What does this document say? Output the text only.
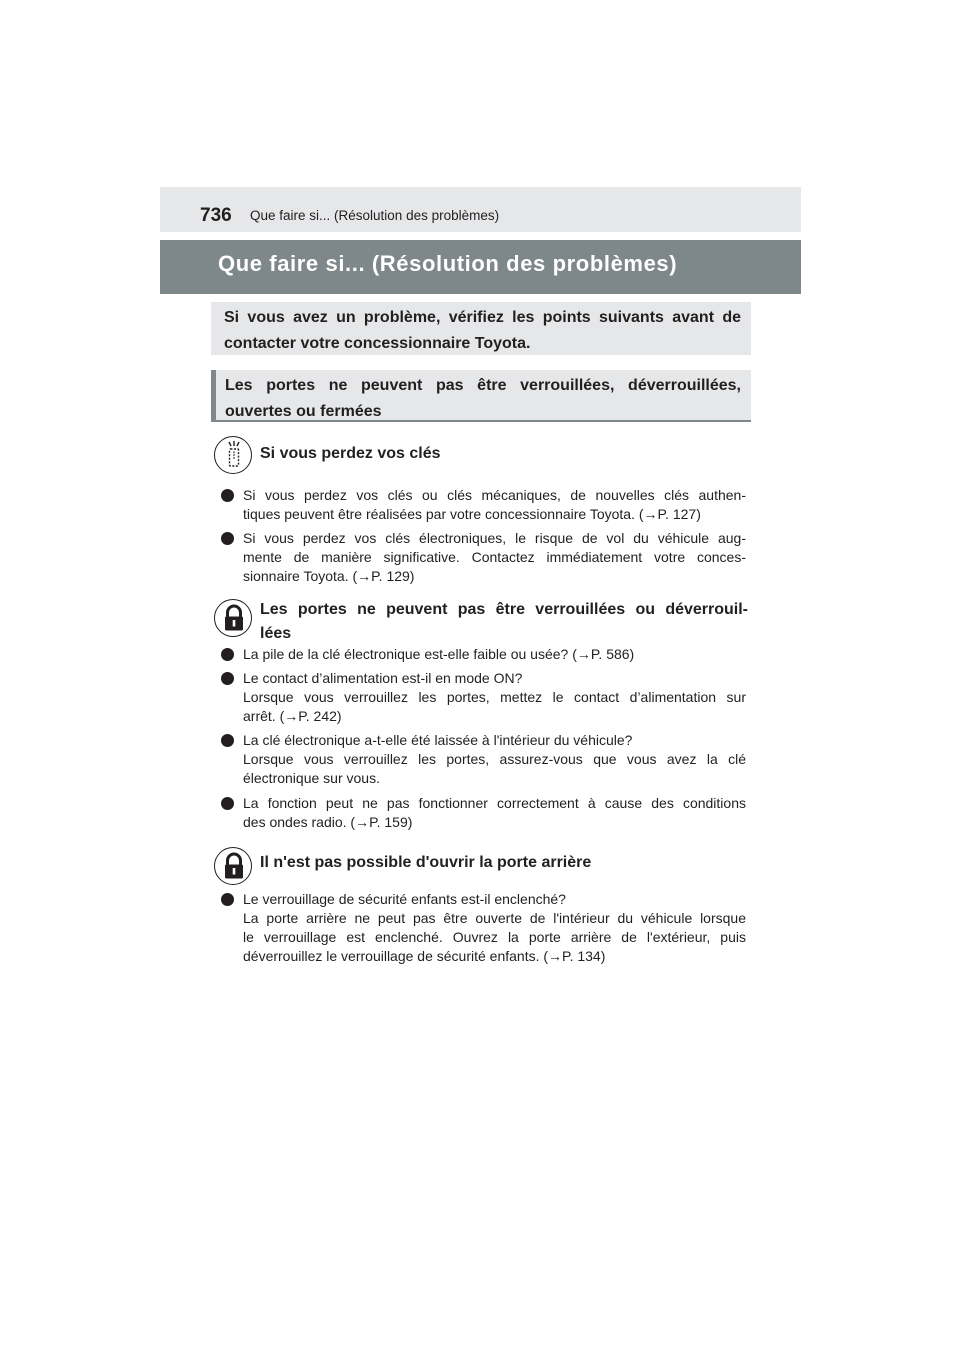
736 Que faire si... (Résolution des problèmes)
Que faire si... (Résolution des problèmes)
Si vous avez un problème, vérifiez les points suivants avant de contacter votre concessionnaire Toyota.
Les portes ne peuvent pas être verrouillées, déverrouillées, ouvertes ou fermées
Si vous perdez vos clés
Si vous perdez vos clés ou clés mécaniques, de nouvelles clés authen-
tiques peuvent être réalisées par votre concessionnaire Toyota. (→P. 127)
Si vous perdez vos clés électroniques, le risque de vol du véhicule aug-
mente de manière significative. Contactez immédiatement votre conces-
sionnaire Toyota. (→P. 129)
Les portes ne peuvent pas être verrouillées ou déverrouil-
lées
La pile de la clé électronique est-elle faible ou usée? (→P. 586)
Le contact d’alimentation est-il en mode ON?
Lorsque vous verrouillez les portes, mettez le contact d’alimentation sur
arrêt. (→P. 242)
La clé électronique a-t-elle été laissée à l'intérieur du véhicule?
Lorsque vous verrouillez les portes, assurez-vous que vous avez la clé
électronique sur vous.
La fonction peut ne pas fonctionner correctement à cause des conditions
des ondes radio. (→P. 159)
Il n'est pas possible d'ouvrir la porte arrière
Le verrouillage de sécurité enfants est-il enclenché?
La porte arrière ne peut pas être ouverte de l'intérieur du véhicule lorsque
le verrouillage est enclenché. Ouvrez la porte arrière de l'extérieur, puis
déverrouillez le verrouillage de sécurité enfants. (→P. 134)
